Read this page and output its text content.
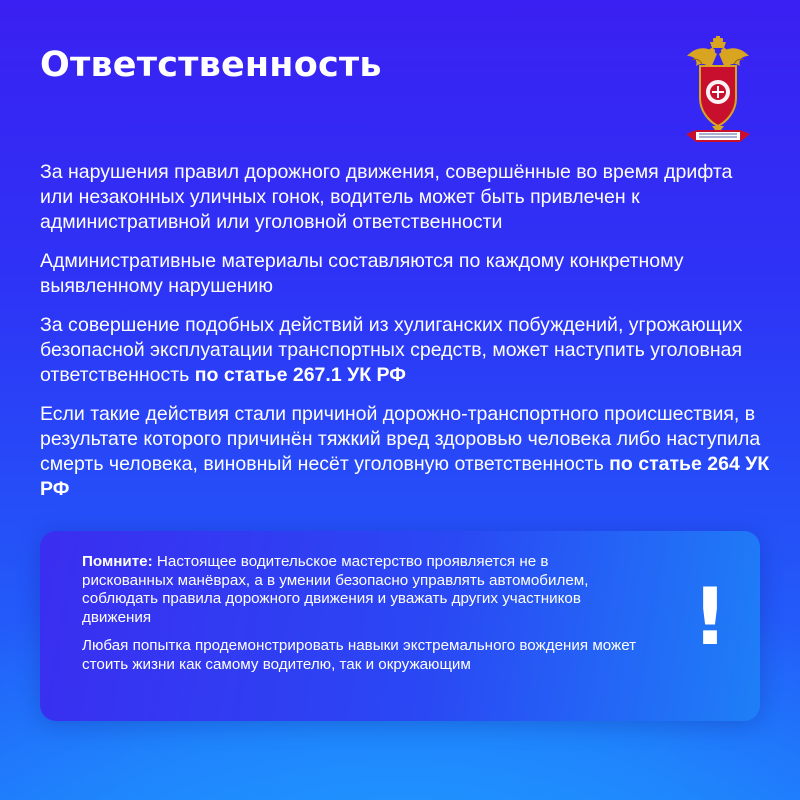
Ответственность

За нарушения правил дорожного движения, совершённые во время дрифта или незаконных уличных гонок, водитель может быть привлечен к административной или уголовной ответственности

Административные материалы составляются по каждому конкретному выявленному нарушению

За совершение подобных действий из хулиганских побуждений, угрожающих безопасной эксплуатации транспортных средств, может наступить уголовная ответственность по статье 267.1 УК РФ

Если такие действия стали причиной дорожно-транспортного происшествия, в результате которого причинён тяжкий вред здоровью человека либо наступила смерть человека, виновный несёт уголовную ответственность по статье 264 УК РФ

Помните: Настоящее водительское мастерство проявляется не в рискованных манёврах, а в умении безопасно управлять автомобилем, соблюдать правила дорожного движения и уважать других участников движения

Любая попытка продемонстрировать навыки экстремального вождения может стоить жизни как самому водителю, так и окружающим

!
